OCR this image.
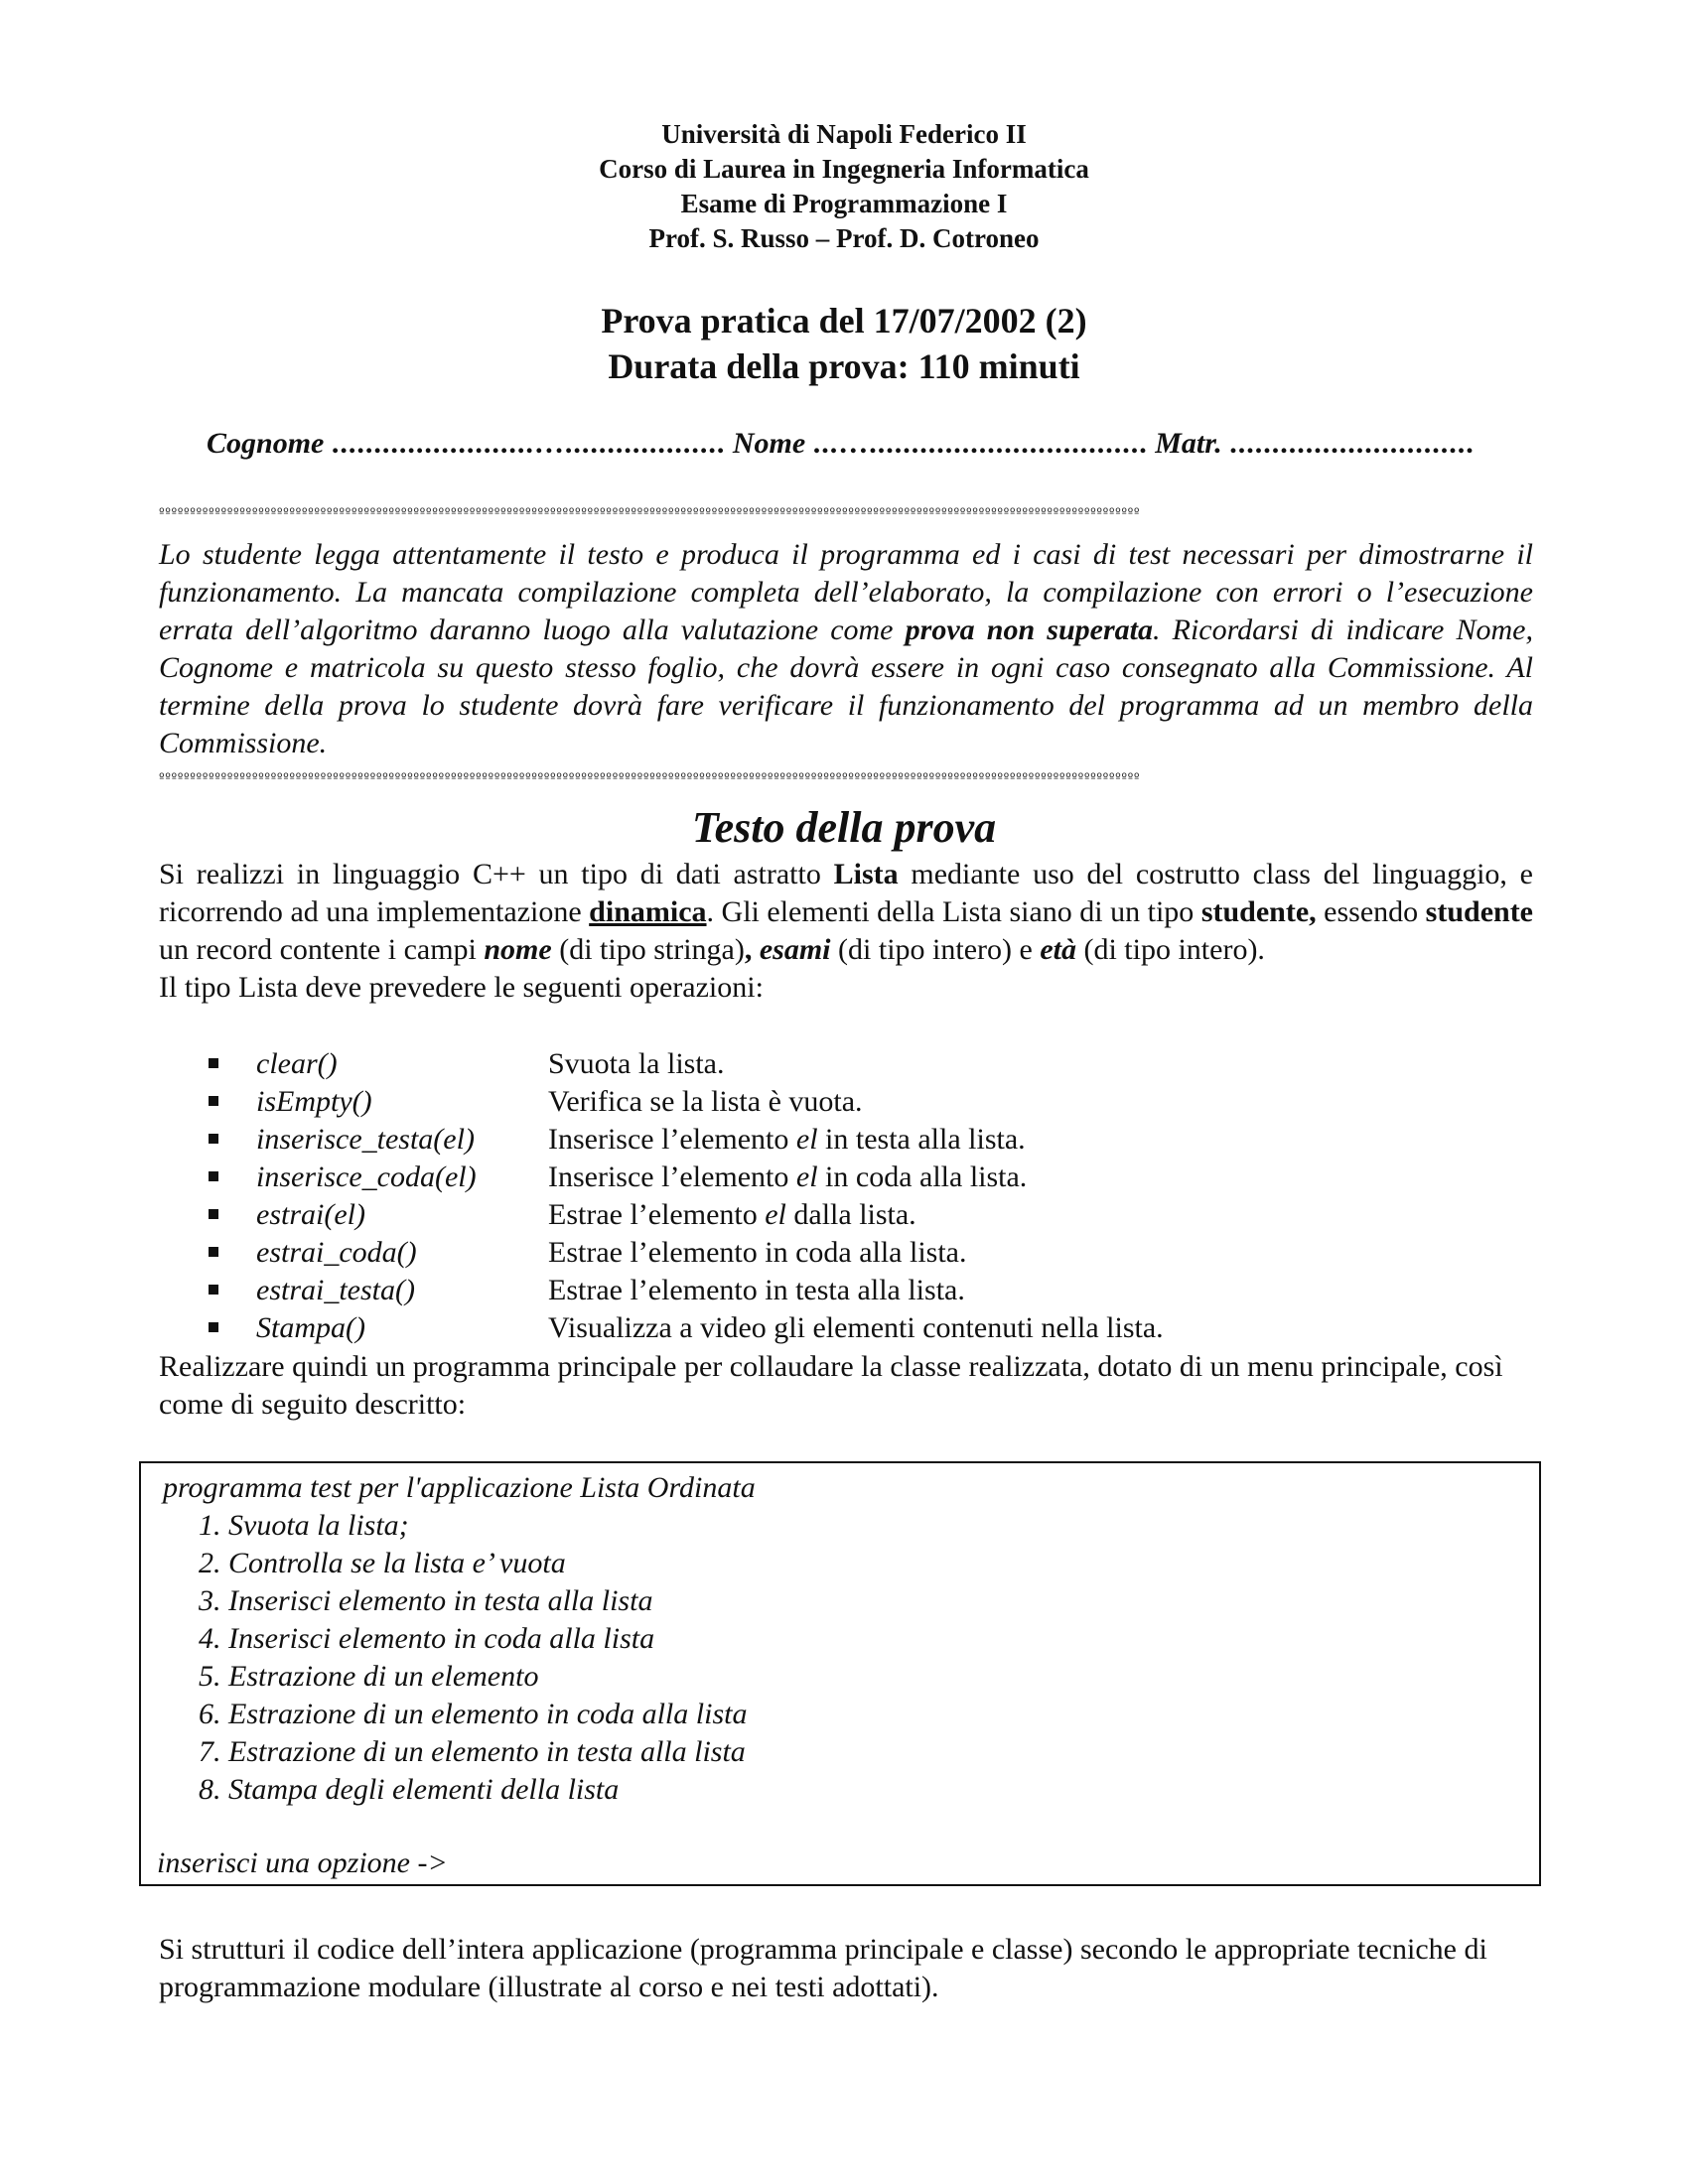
Università di Napoli Federico II
Corso di Laurea in Ingegneria Informatica
Esame di Programmazione I
Prof. S. Russo – Prof. D. Cotroneo
Prova pratica del 17/07/2002 (2)
Durata della prova: 110 minuti
Cognome ........................…................... Nome ...…................................. Matr. .............................
ºººººººººººººººººººººººººººººººººººººººººººººººººººººººººººººººººººººººººººººººººººººººººººººººººººººººººººººººººººººººººººººººººººººººººººººººººººººººººººººº
Lo studente legga attentamente il testo e produca il programma ed i casi di test necessari per dimostrarne il funzionamento. La mancata compilazione completa dell’elaborato, la compilazione con errori o l’esecuzione errata dell’algoritmo daranno luogo alla valutazione come prova non superata. Ricordarsi di indicare Nome, Cognome e matricola su questo stesso foglio, che dovrà essere in ogni caso consegnato alla Commissione. Al termine della prova lo studente dovrà fare verificare il funzionamento del programma ad un membro della Commissione.
ºººººººººººººººººººººººººººººººººººººººººººººººººººººººººººººººººººººººººººººººººººººººººººººººººººººººººººººººººººººººººººººººººººººººººººººººººººººººººººººº
Testo della prova
Si realizzi in linguaggio C++ un tipo di dati astratto Lista mediante uso del costrutto class del linguaggio, e ricorrendo ad una implementazione dinamica. Gli elementi della Lista siano di un tipo studente, essendo studente un record contente i campi nome (di tipo stringa), esami (di tipo intero) e età (di tipo intero).
Il tipo Lista deve prevedere le seguenti operazioni:
clear()	Svuota la lista.
isEmpty()	Verifica se la lista è vuota.
inserisce_testa(el) Inserisce l’elemento el in testa alla lista.
inserisce_coda(el) Inserisce l’elemento el in coda alla lista.
estrai(el)	Estrae l’elemento el dalla lista.
estrai_coda()	Estrae l’elemento in coda alla lista.
estrai_testa()	Estrae l’elemento in testa alla lista.
Stampa()	Visualizza a video gli elementi contenuti nella lista.
Realizzare quindi un programma principale per collaudare la classe realizzata, dotato di un menu principale, così come di seguito descritto:
programma test per l'applicazione Lista Ordinata
1. Svuota la lista;
2. Controlla se la lista e’ vuota
3. Inserisci elemento in testa alla lista
4. Inserisci elemento in coda alla lista
5. Estrazione di un elemento
6. Estrazione di un elemento in coda alla lista
7. Estrazione di un elemento in testa alla lista
8. Stampa degli elementi della lista
inserisci una opzione ->
Si strutturi il codice dell’intera applicazione (programma principale e classe) secondo le appropriate tecniche di programmazione modulare (illustrate al corso e nei testi adottati).
